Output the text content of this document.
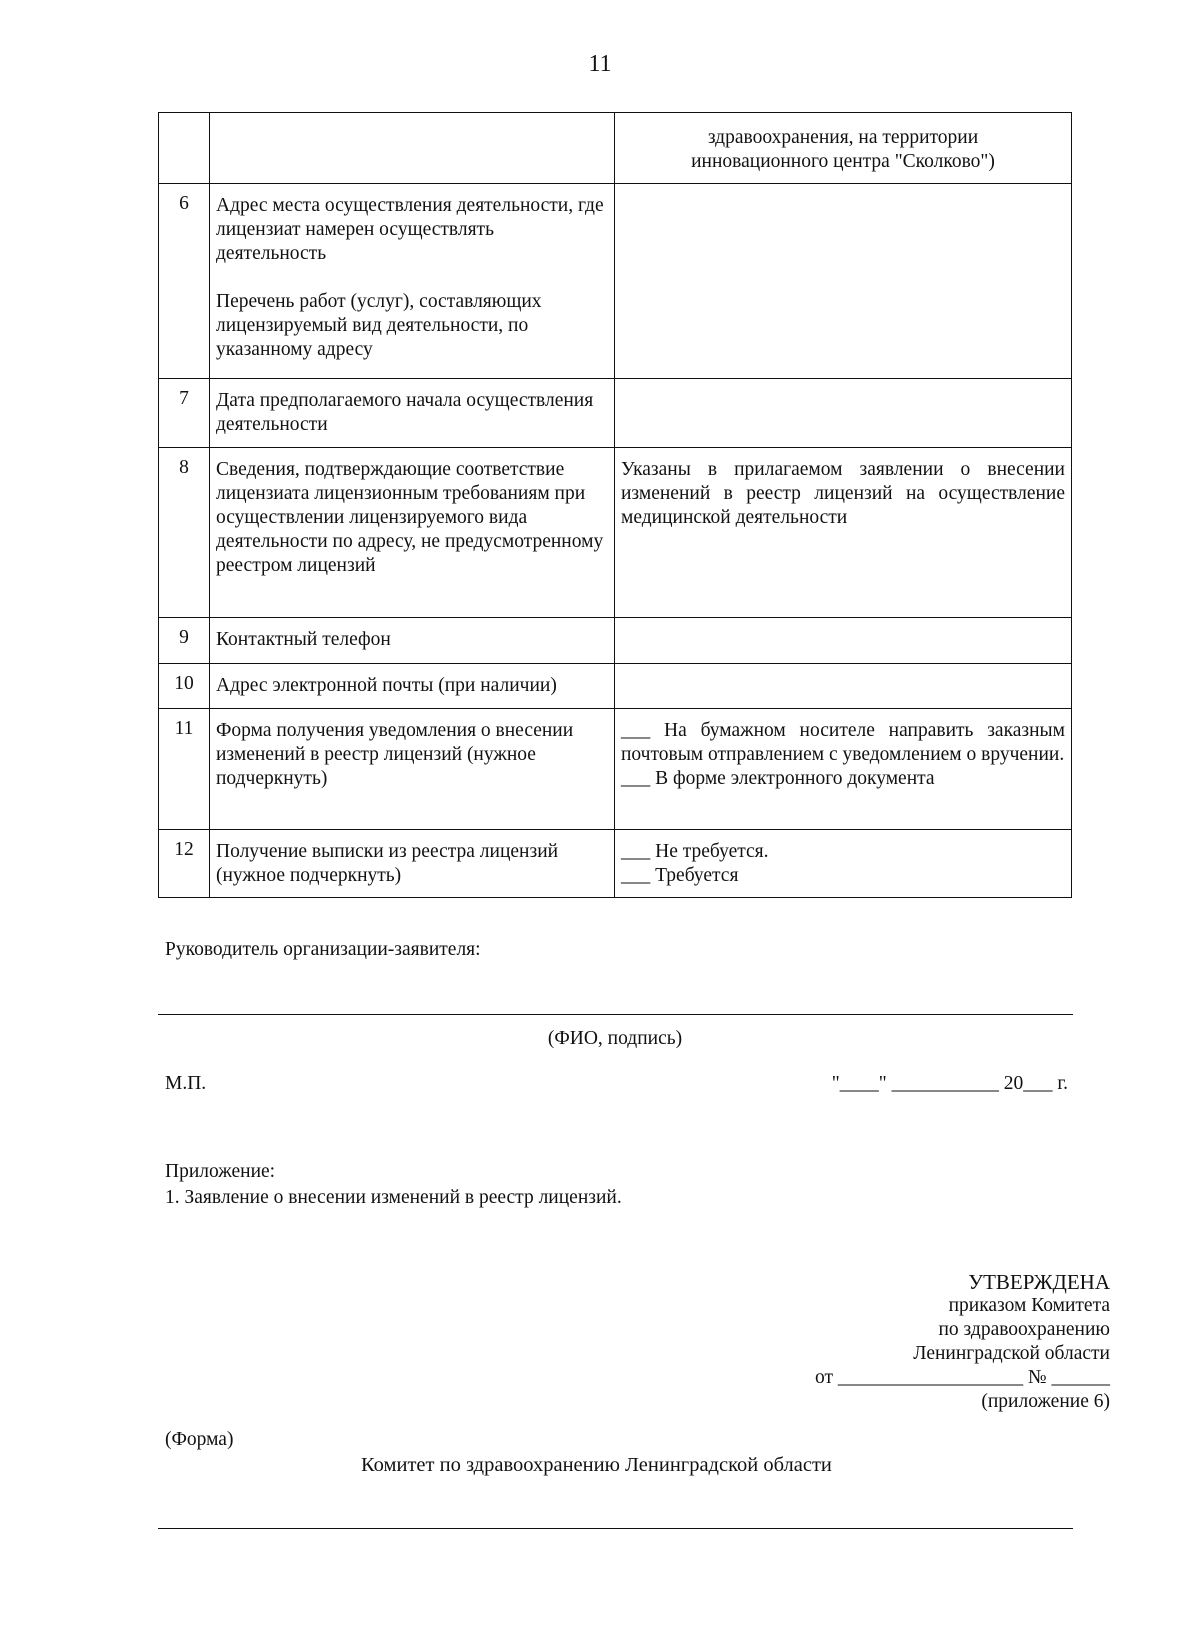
11

		здравоохранения, на территории
инновационного центра "Сколково")

6	Адрес места осуществления деятельности, где лицензиат намерен осуществлять деятельность
Перечень работ (услуг), составляющих лицензируемый вид деятельности, по указанному адресу	

7	Дата предполагаемого начала осуществления деятельности	
8	Сведения, подтверждающие соответствие лицензиата лицензионным требованиям при осуществлении лицензируемого вида деятельности по адресу, не предусмотренному реестром лицензий	Указаны в прилагаемом заявлении о внесении изменений в реестр лицензий на осуществление медицинской деятельности
9	Контактный телефон	
10	Адрес электронной почты (при наличии)	
11	Форма получения уведомления о внесении изменений в реестр лицензий (нужное подчеркнуть)	___ На бумажном носителе направить заказным почтовым отправлением с уведомлением о вручении.
___ В форме электронного документа

12	Получение выписки из реестра лицензий (нужное подчеркнуть)	___ Не требуется.
___ Требуется
Руководитель организации-заявителя:
(ФИО, подпись)
М.П.	"____" ___________ 20___ г.
Приложение:
1. Заявление о внесении изменений в реестр лицензий.
УТВЕРЖДЕНА
приказом Комитета
по здравоохранению
Ленинградской области
от ___________________ № ______
(приложение 6)
(Форма)
Комитет по здравоохранению Ленинградской области
